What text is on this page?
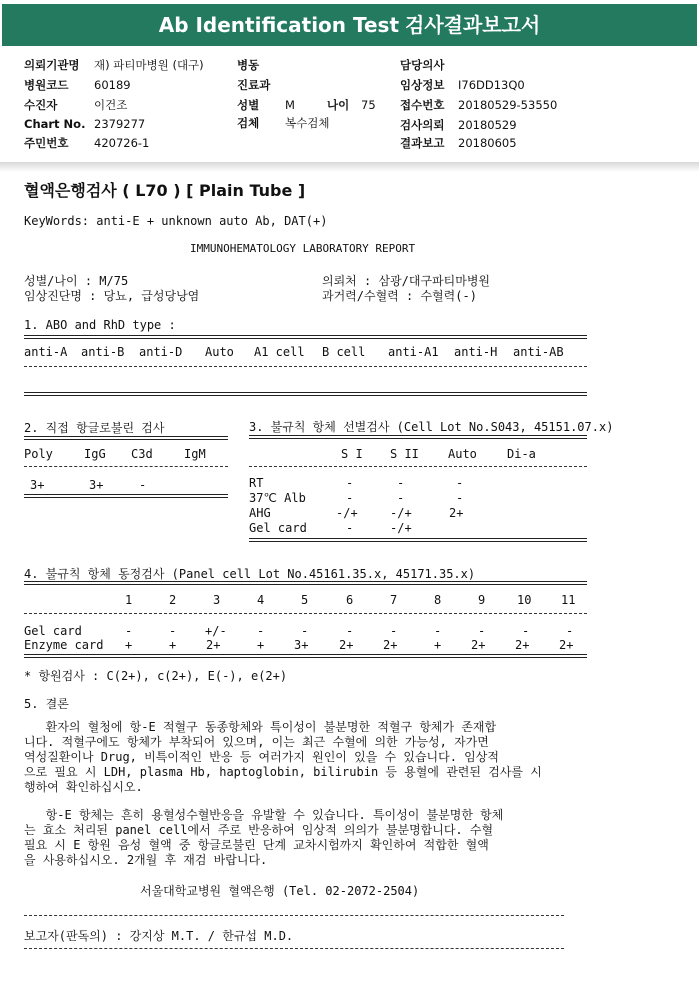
Ab Identification Test 검사결과보고서
의뢰기관명 재) 파티마병원 (대구)
병원코드 60189
수진자	이건조
Chart No. 2379277
주민번호 420726-1
병동
진료과
성별 M	나이 75
검체 복수검체
담당의사
임상정보 I76DD13Q0
접수번호 20180529-53550
검사의뢰 20180529
결과보고 20180605
혈액은행검사 ( L70 ) [ Plain Tube ]
KeyWords: anti-E + unknown auto Ab, DAT(+)
IMMUNOHEMATOLOGY LABORATORY REPORT
성별/나이 : M/75
임상진단명 : 당뇨, 급성당낭염
의뢰처 : 삼광/대구파티마병원
과거력/수혈력 : 수혈력(-)
1. ABO and RhD type :
anti-A anti-B anti-D Auto A1 cell B cell anti-A1 anti-H anti-AB
2. 직접 항글로불린 검사
Poly	IgG C3d	IgM
3+	3+	-
3. 불규칙 항체 선별검사 (Cell Lot No.S043, 45151.07.x)
S I S II Auto	Di-a
RT	-	-	-
37℃ Alb	-	-	-
AHG	-/+	-/+	2+
Gel card	-	-/+
4. 불규칙 항체 동정검사 (Panel cell Lot No.45161.35.x, 45171.35.x)
1	2	3	4	5	6	7	8	9	10 11
Gel card	-	- +/-	-	-	-	-	-	-	-	-
Enzyme card +	+ 2+	+ 3+	2+ 2+	+ 2+ 2+ 2+
* 항원검사 : C(2+), c(2+), E(-), e(2+)
5. 결론
환자의 혈청에 항-E 적혈구 동종항체와 특이성이 불분명한 적혈구 항체가 존재합
니다. 적혈구에도 항체가 부착되어 있으며, 이는 최근 수혈에 의한 가능성, 자가면
역성질환이나 Drug, 비특이적인 반응 등 여러가지 원인이 있을 수 있습니다. 임상적
으로 필요 시 LDH, plasma Hb, haptoglobin, bilirubin 등 용혈에 관련된 검사를 시
행하여 확인하십시오.
항-E 항체는 흔히 용혈성수혈반응을 유발할 수 있습니다. 특이성이 불분명한 항체
는 효소 처리된 panel cell에서 주로 반응하여 임상적 의의가 불분명합니다. 수혈
필요 시 E 항원 음성 혈액 중 항글로불린 단계 교차시험까지 확인하여 적합한 혈액
을 사용하십시오. 2개월 후 재검 바랍니다.
서울대학교병원 혈액은행 (Tel. 02-2072-2504)
보고자(판독의) : 강지상 M.T. / 한규섭 M.D.
